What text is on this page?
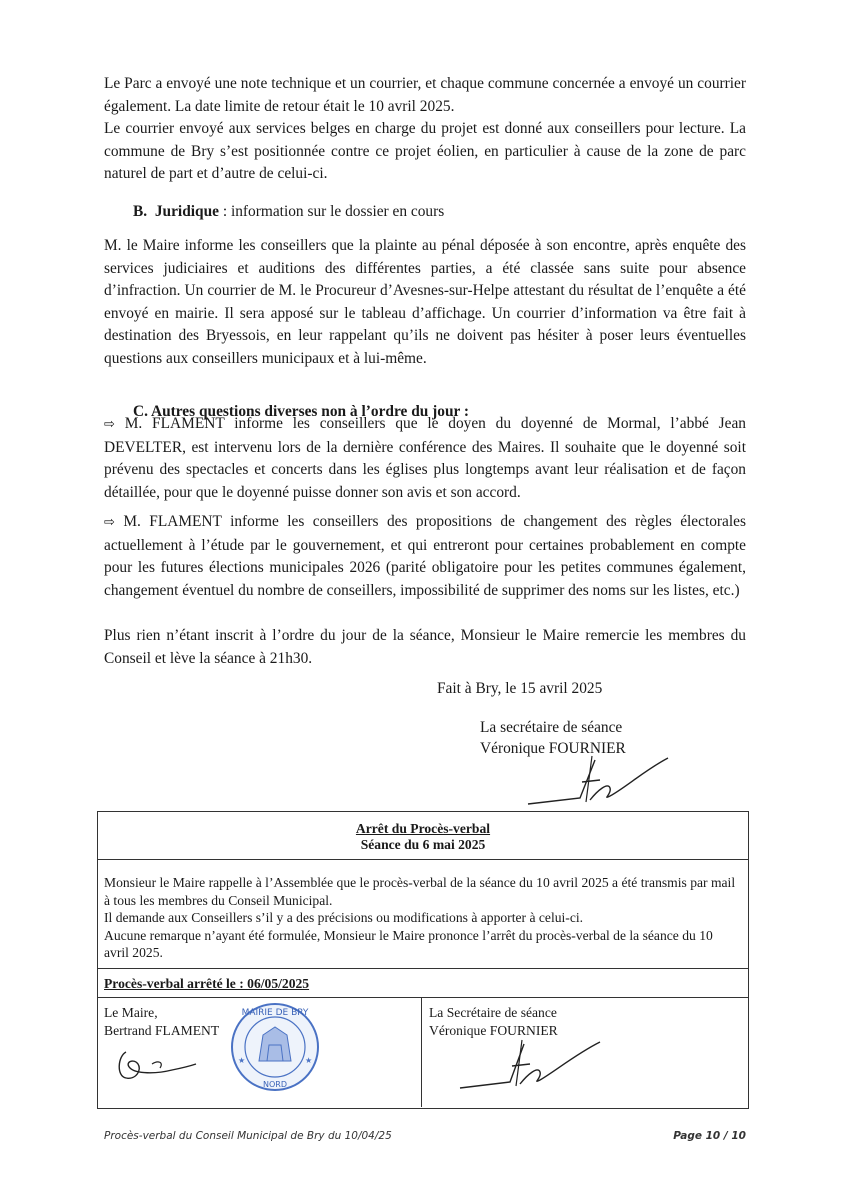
Le Parc a envoyé une note technique et un courrier, et chaque commune concernée a envoyé un courrier également. La date limite de retour était le 10 avril 2025.

Le courrier envoyé aux services belges en charge du projet est donné aux conseillers pour lecture. La commune de Bry s’est positionnée contre ce projet éolien, en particulier à cause de la zone de parc naturel de part et d’autre de celui-ci.

B. Juridique : information sur le dossier en cours

M. le Maire informe les conseillers que la plainte au pénal déposée à son encontre, après enquête des services judiciaires et auditions des différentes parties, a été classée sans suite pour absence d’infraction. Un courrier de M. le Procureur d’Avesnes-sur-Helpe attestant du résultat de l’enquête a été envoyé en mairie. Il sera apposé sur le tableau d’affichage. Un courrier d’information va être fait à destination des Bryessois, en leur rappelant qu’ils ne doivent pas hésiter à poser leurs éventuelles questions aux conseillers municipaux et à lui-même.

C. Autres questions diverses non à l’ordre du jour :

⇨ M. FLAMENT informe les conseillers que le doyen du doyenné de Mormal, l’abbé Jean DEVELTER, est intervenu lors de la dernière conférence des Maires. Il souhaite que le doyenné soit prévenu des spectacles et concerts dans les églises plus longtemps avant leur réalisation et de façon détaillée, pour que le doyenné puisse donner son avis et son accord.

⇨ M. FLAMENT informe les conseillers des propositions de changement des règles électorales actuellement à l’étude par le gouvernement, et qui entreront pour certaines probablement en compte pour les futures élections municipales 2026 (parité obligatoire pour les petites communes également, changement éventuel du nombre de conseillers, impossibilité de supprimer des noms sur les listes, etc.)

Plus rien n’étant inscrit à l’ordre du jour de la séance, Monsieur le Maire remercie les membres du Conseil et lève la séance à 21h30.

Fait à Bry, le 15 avril 2025

La secrétaire de séance

Véronique FOURNIER

Arrêt du Procès-verbal
Séance du 6 mai 2025
Monsieur le Maire rappelle à l’Assemblée que le procès-verbal de la séance du 10 avril 2025 a été transmis par mail à tous les membres du Conseil Municipal.
Il demande aux Conseillers s’il y a des précisions ou modifications à apporter à celui-ci.
Aucune remarque n’ayant été formulée, Monsieur le Maire prononce l’arrêt du procès-verbal de la séance du 10 avril 2025.
Procès-verbal arrêté le : 06/05/2025
Le Maire,
Bertrand FLAMENT
MAIRIE DE BRY
NORD
★	★
La Secrétaire de séance
Véronique FOURNIER
Procès-verbal du Conseil Municipal de Bry du 10/04/25	Page 10 / 10
